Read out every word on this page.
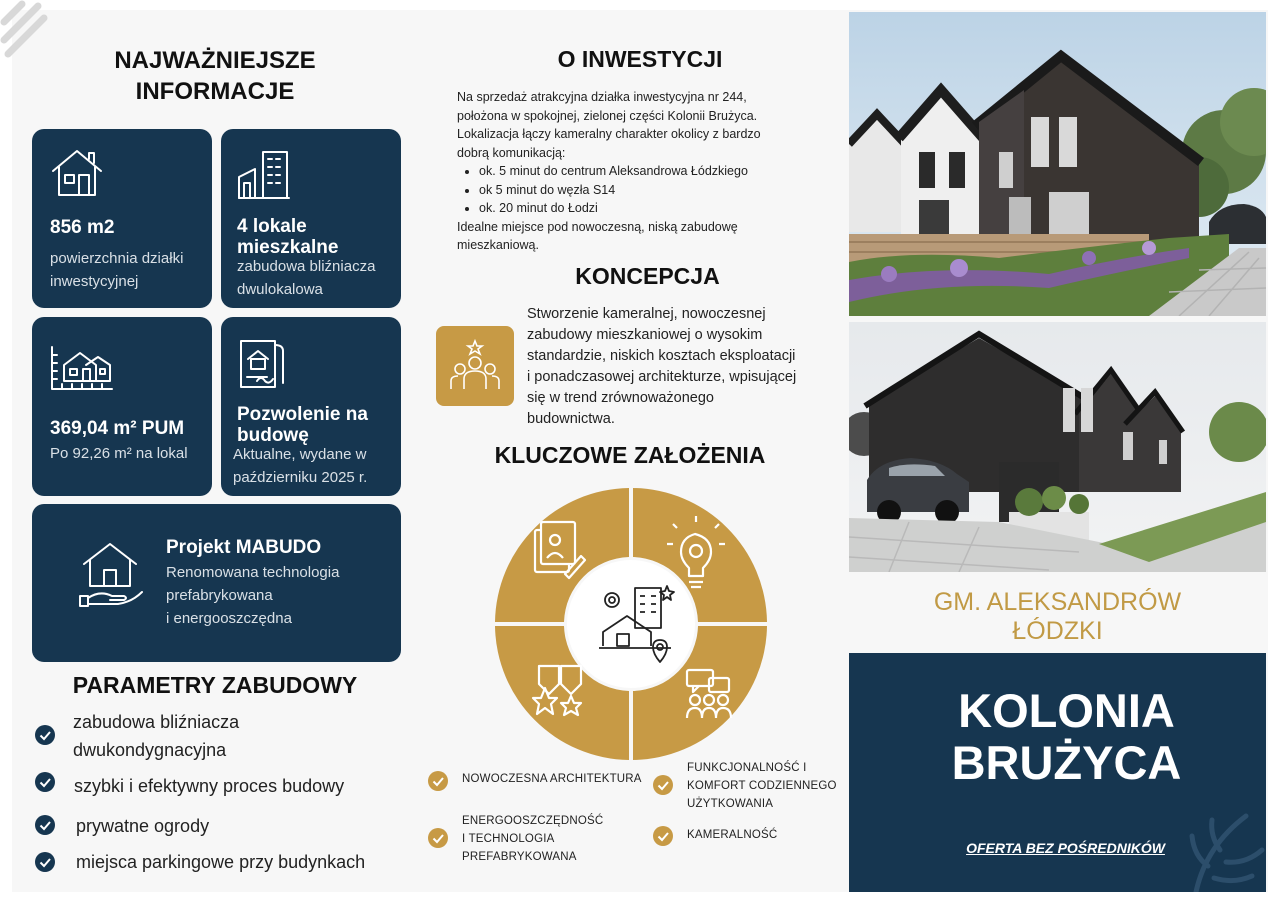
NAJWAŻNIEJSZE
INFORMACJE
856 m2
powierzchnia działki
inwestycyjnej
4 lokale
mieszkalne
zabudowa bliźniacza
dwulokalowa
369,04 m² PUM
Po 92,26 m² na lokal
Pozwolenie na
budowę
Aktualne, wydane w
październiku 2025 r.
Projekt MABUDO
Renomowana technologia
prefabrykowana
i energooszczędna
PARAMETRY ZABUDOWY
zabudowa bliźniacza
dwukondygnacyjna
szybki i efektywny proces budowy
prywatne ogrody
miejsca parkingowe przy budynkach
O INWESTYCJI
Na sprzedaż atrakcyjna działka inwestycyjna nr 244,
położona w spokojnej, zielonej części Kolonii Brużyca.
Lokalizacja łączy kameralny charakter okolicy z bardzo
dobrą komunikacją:
• ok. 5 minut do centrum Aleksandrowa Łódzkiego
• ok 5 minut do węzła S14
• ok. 20 minut do Łodzi
Idealne miejsce pod nowoczesną, niską zabudowę
mieszkaniową.
KONCEPCJA
Stworzenie kameralnej, nowoczesnej
zabudowy mieszkaniowej o wysokim
standardzie, niskich kosztach eksploatacji
i ponadczasowej architekturze, wpisującej
się w trend zrównoważonego
budownictwa.
KLUCZOWE ZAŁOŻENIA
NOWOCZESNA ARCHITEKTURA
FUNKCJONALNOŚĆ I
KOMFORT CODZIENNEGO
UŻYTKOWANIA
ENERGOOSZCZĘDNOŚĆ
I TECHNOLOGIA
PREFABRYKOWANA
KAMERALNOŚĆ
GM. ALEKSANDRÓW
ŁÓDZKI
KOLONIA
BRUŻYCA
OFERTA BEZ POŚREDNIKÓW
